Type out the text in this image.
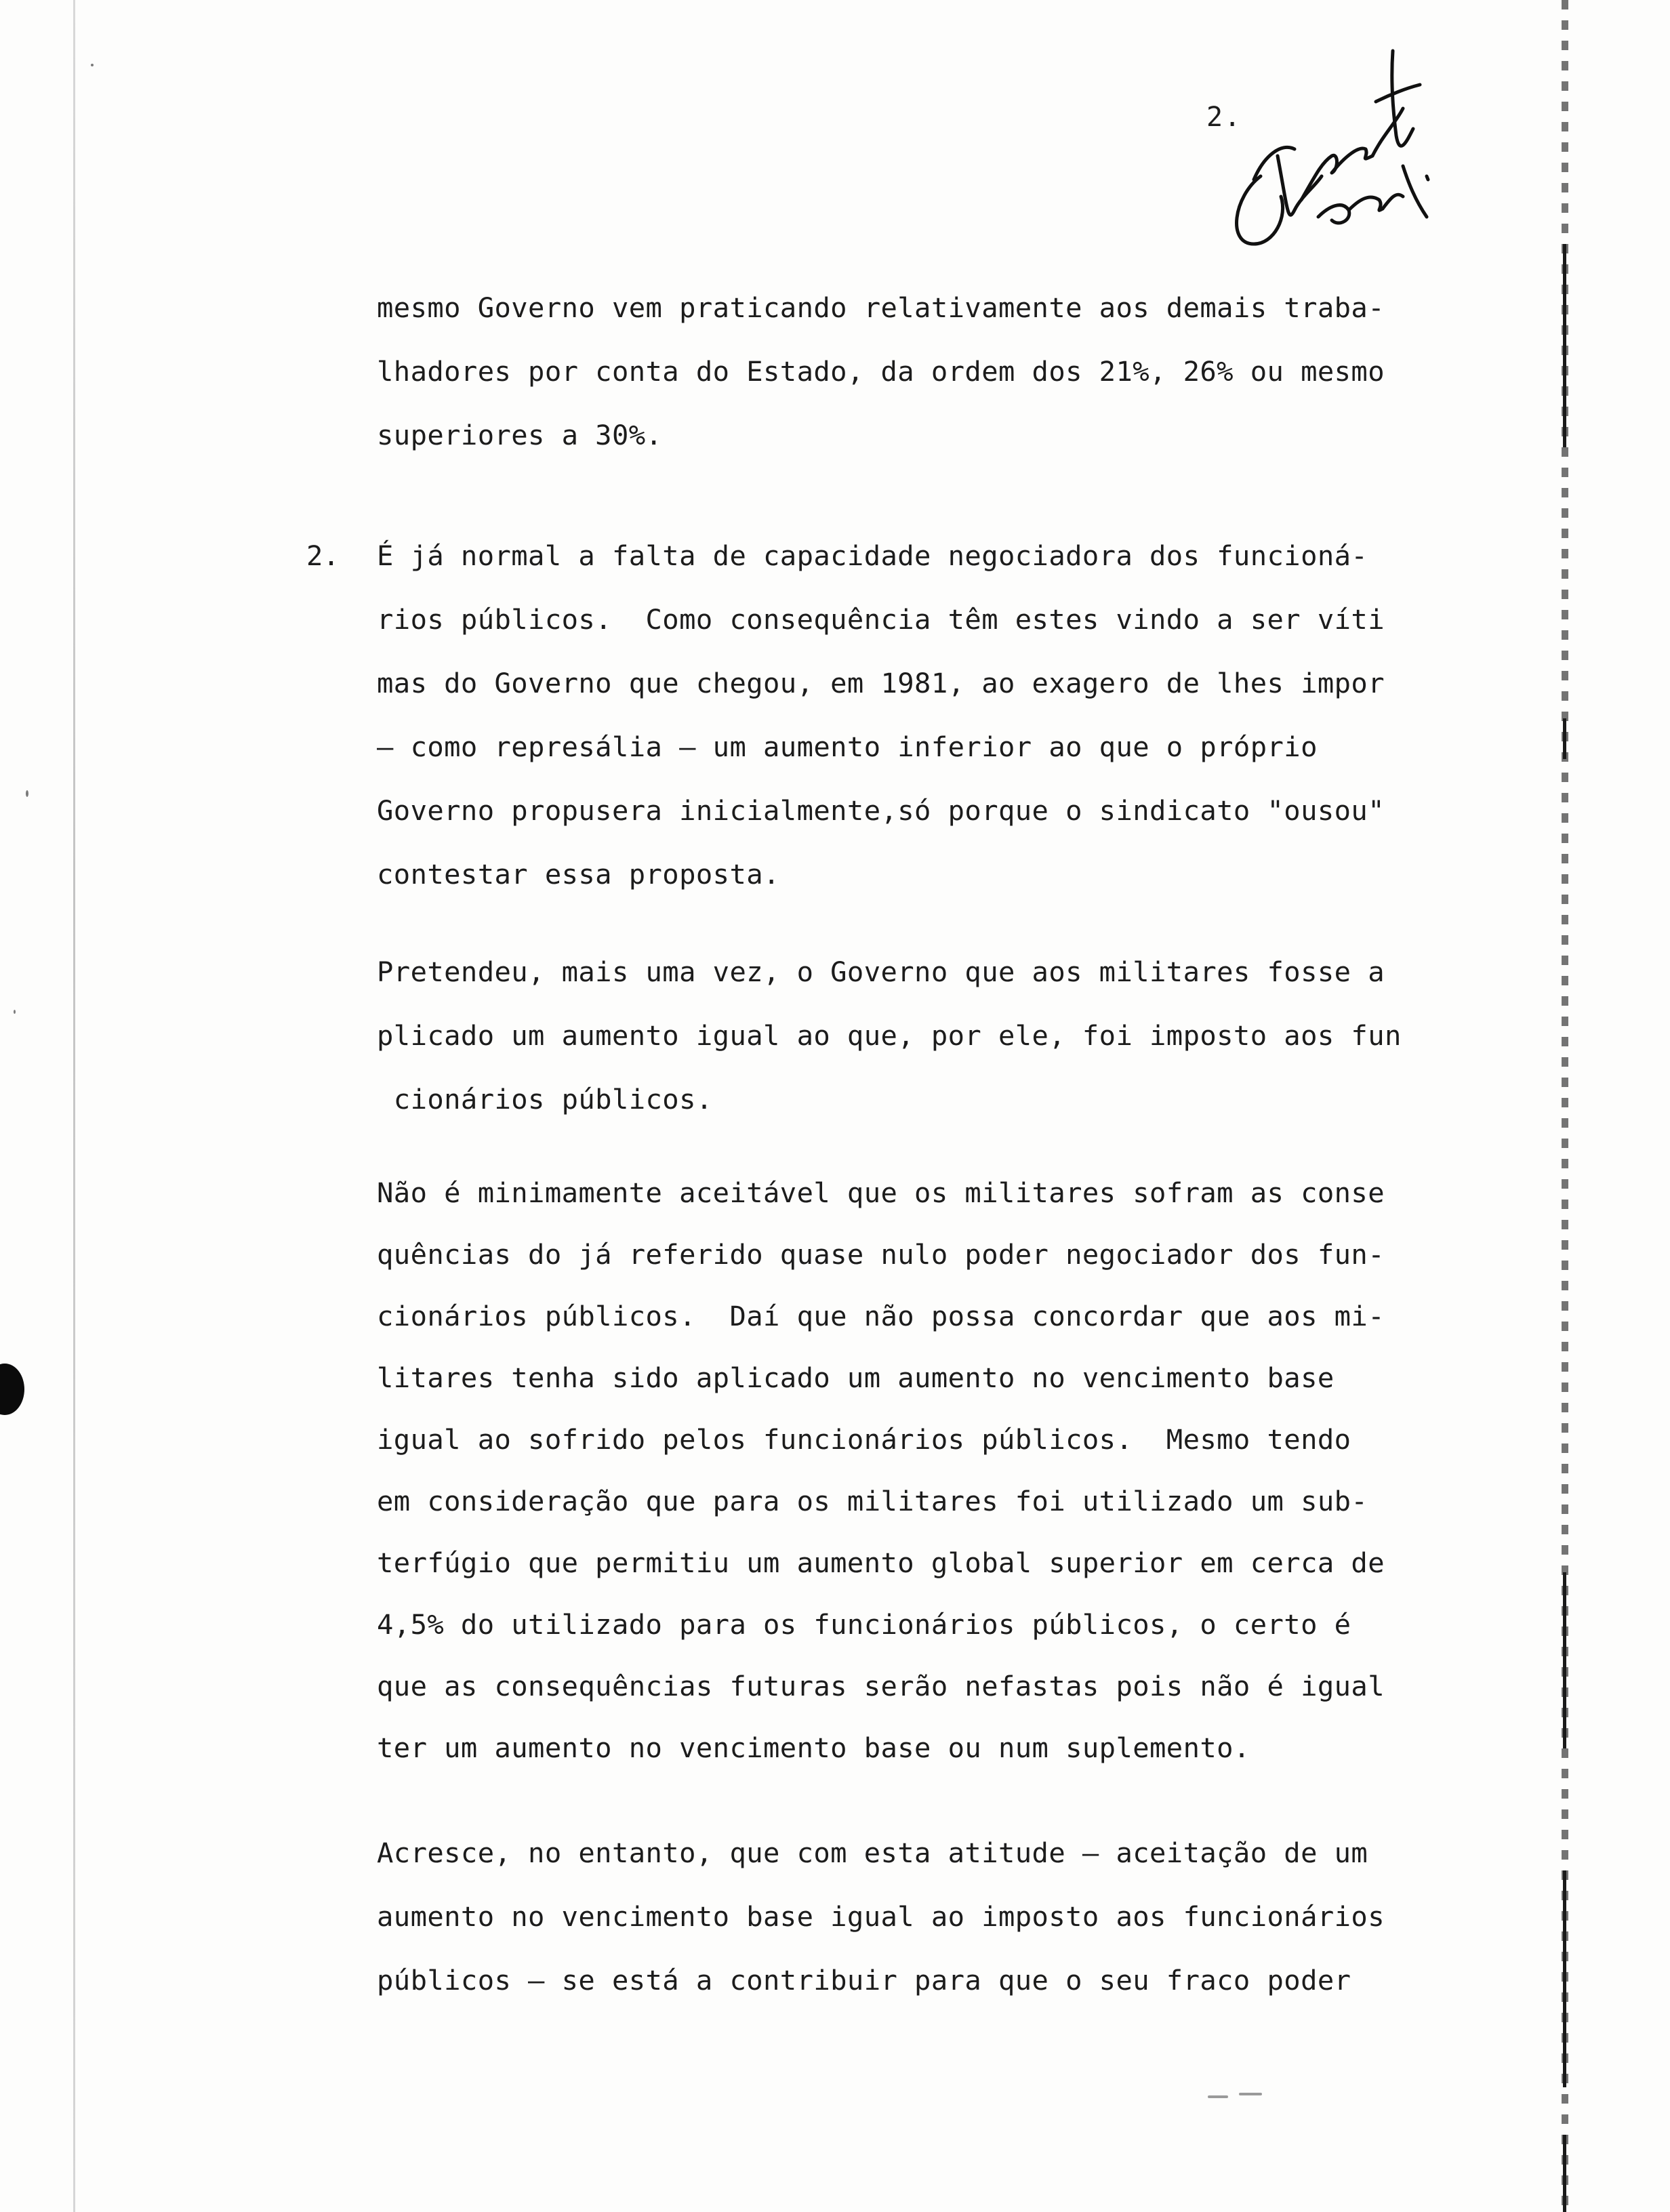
2.
mesmo Governo vem praticando relativamente aos demais traba-
lhadores por conta do Estado, da ordem dos 21%, 26% ou mesmo
superiores a 30%.
2. É já normal a falta de capacidade negociadora dos funcioná-
rios públicos.  Como consequência têm estes vindo a ser víti
mas do Governo que chegou, em 1981, ao exagero de lhes impor
— como represália — um aumento inferior ao que o próprio
Governo propusera inicialmente,só porque o sindicato "ousou"
contestar essa proposta.
Pretendeu, mais uma vez, o Governo que aos militares fosse a
plicado um aumento igual ao que, por ele, foi imposto aos fun
cionários públicos.
Não é minimamente aceitável que os militares sofram as conse
quências do já referido quase nulo poder negociador dos fun-
cionários públicos.  Daí que não possa concordar que aos mi-
litares tenha sido aplicado um aumento no vencimento base
igual ao sofrido pelos funcionários públicos.  Mesmo tendo
em consideração que para os militares foi utilizado um sub-
terfúgio que permitiu um aumento global superior em cerca de
4,5% do utilizado para os funcionários públicos, o certo é
que as consequências futuras serão nefastas pois não é igual
ter um aumento no vencimento base ou num suplemento.
Acresce, no entanto, que com esta atitude — aceitação de um
aumento no vencimento base igual ao imposto aos funcionários
públicos — se está a contribuir para que o seu fraco poder
